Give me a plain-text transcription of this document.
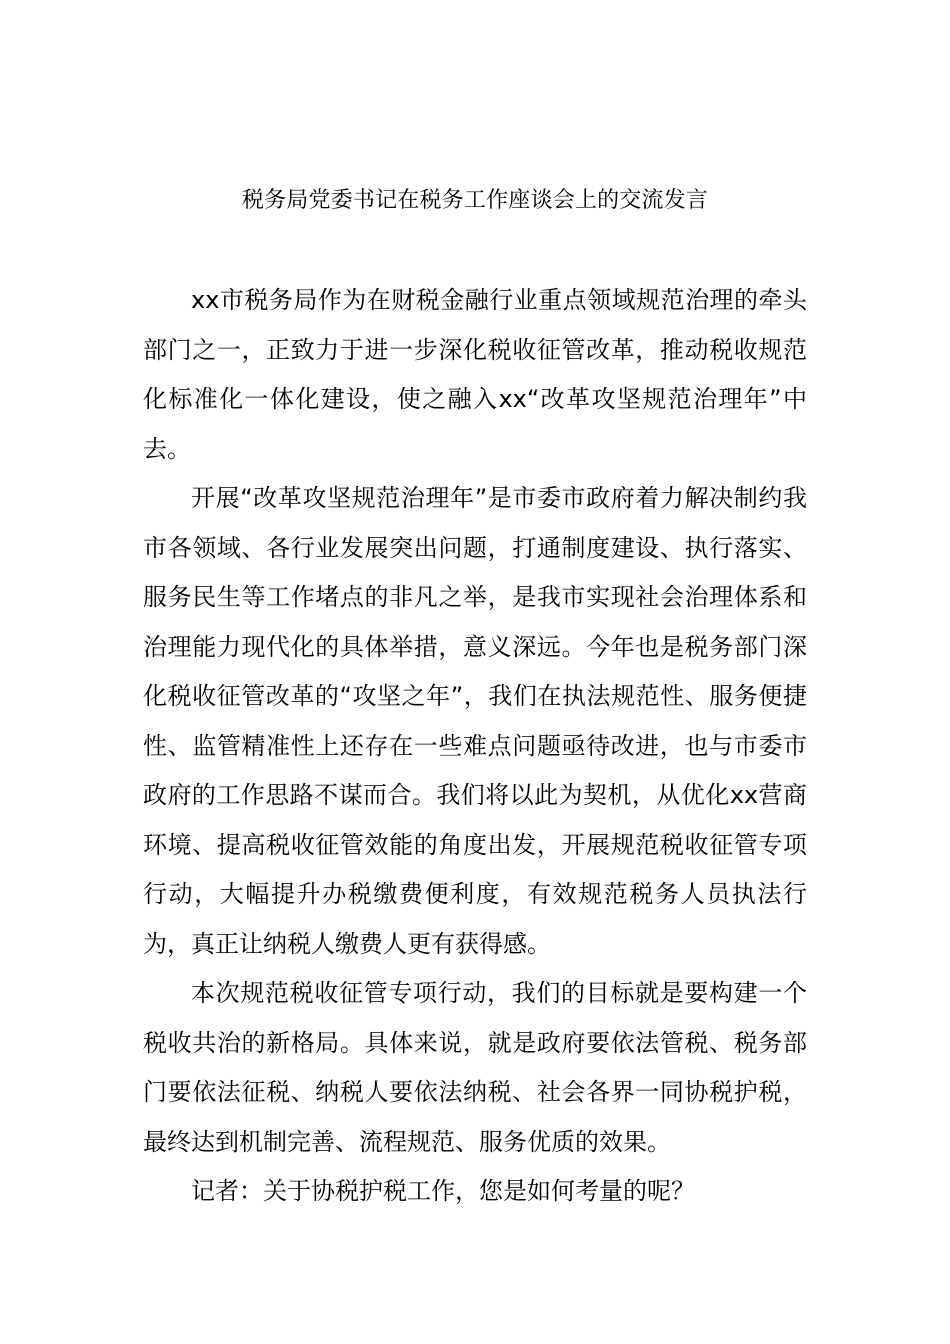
税务局党委书记在税务工作座谈会上的交流发言

xx市税务局作为在财税金融行业重点领域规范治理的牵头部门之一，正致力于进一步深化税收征管改革，推动税收规范化标准化一体化建设，使之融入xx“改革攻坚规范治理年”中去。

开展“改革攻坚规范治理年”是市委市政府着力解决制约我市各领域、各行业发展突出问题，打通制度建设、执行落实、服务民生等工作堵点的非凡之举，是我市实现社会治理体系和治理能力现代化的具体举措，意义深远。今年也是税务部门深化税收征管改革的“攻坚之年”，我们在执法规范性、服务便捷性、监管精准性上还存在一些难点问题亟待改进，也与市委市政府的工作思路不谋而合。我们将以此为契机，从优化xx营商环境、提高税收征管效能的角度出发，开展规范税收征管专项行动，大幅提升办税缴费便利度，有效规范税务人员执法行为，真正让纳税人缴费人更有获得感。

本次规范税收征管专项行动，我们的目标就是要构建一个税收共治的新格局。具体来说，就是政府要依法管税、税务部门要依法征税、纳税人要依法纳税、社会各界一同协税护税，最终达到机制完善、流程规范、服务优质的效果。

记者：关于协税护税工作，您是如何考量的呢？
